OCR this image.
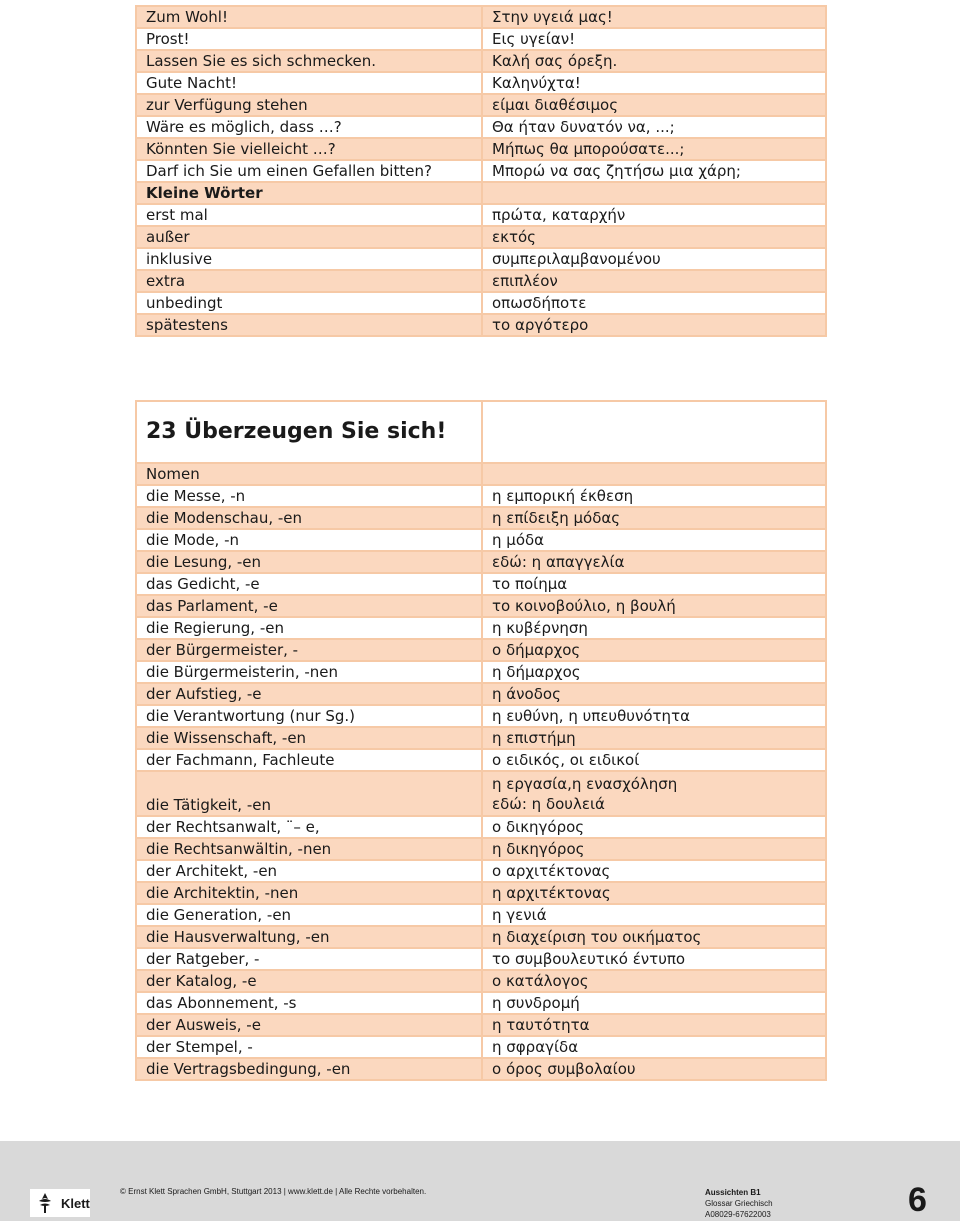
Zum Wohl!	Στην υγειά μας!
Prost!	Εις υγείαν!
Lassen Sie es sich schmecken.	Καλή σας όρεξη.
Gute Nacht!	Καληνύχτα!
zur Verfügung stehen	είμαι διαθέσιμος
Wäre es möglich, dass …?	Θα ήταν δυνατόν να, ...;
Könnten Sie vielleicht …?	Μήπως θα μπορούσατε...;
Darf ich Sie um einen Gefallen bitten?	Μπορώ να σας ζητήσω μια χάρη;
Kleine Wörter	
erst mal	πρώτα, καταρχήν
außer	εκτός
inklusive	συμπεριλαμβανομένου
extra	επιπλέον
unbedingt	οπωσδήποτε
spätestens	το αργότερο
23 Überzeugen Sie sich!	
Nomen	
die Messe, -n	η εμπορική έκθεση
die Modenschau, -en	η επίδειξη μόδας
die Mode, -n	η μόδα
die Lesung, -en	εδώ: η απαγγελία
das Gedicht, -e	το ποίημα
das Parlament, -e	το κοινοβούλιο, η βουλή
die Regierung, -en	η κυβέρνηση
der Bürgermeister, -	ο δήμαρχος
die Bürgermeisterin, -nen	η δήμαρχος
der Aufstieg, -e	η άνοδος
die Verantwortung (nur Sg.)	η ευθύνη, η υπευθυνότητα
die Wissenschaft, -en	η επιστήμη
der Fachmann, Fachleute	ο ειδικός, οι ειδικοί
die Tätigkeit, -en	η εργασία,η ενασχόληση
εδώ: η δουλειά

der Rechtsanwalt, ¨– e,	ο δικηγόρος
die Rechtsanwältin, -nen	η δικηγόρος
der Architekt, -en	ο αρχιτέκτονας
die Architektin, -nen	η αρχιτέκτονας
die Generation, -en	η γενιά
die Hausverwaltung, -en	η διαχείριση του οικήματος
der Ratgeber, -	το συμβουλευτικό έντυπο
der Katalog, -e	ο κατάλογος
das Abonnement, -s	η συνδρομή
der Ausweis, -e	η ταυτότητα
der Stempel, -	η σφραγίδα
die Vertragsbedingung, -en	ο όρος συμβολαίου
Klett
© Ernst Klett Sprachen GmbH, Stuttgart 2013 | www.klett.de | Alle Rechte vorbehalten.	Aussichten B1
Glossar Griechisch
A08029-67622003	6
